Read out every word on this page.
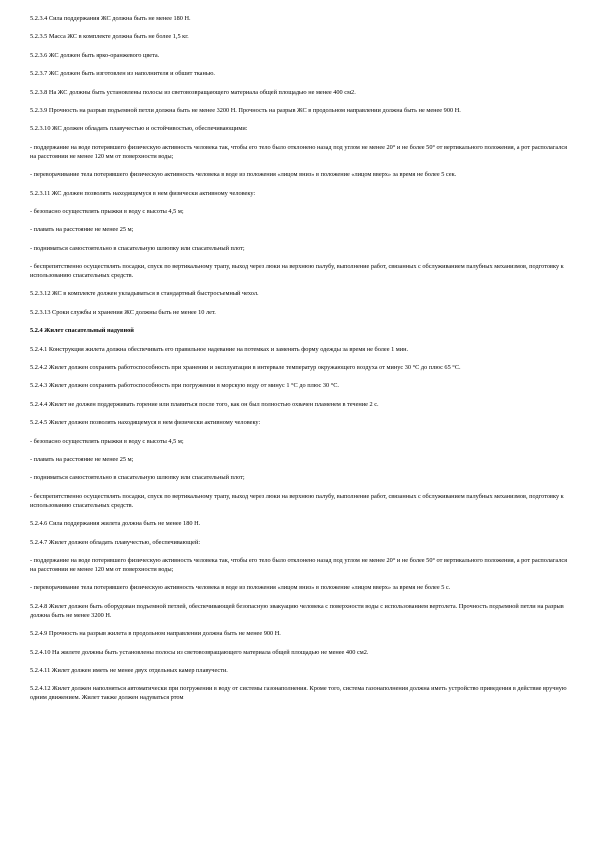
5.2.3.4 Сила поддержания ЖС должна быть не менее 180 Н.

5.2.3.5 Масса ЖС в комплекте должна быть не более 1,5 кг.

5.2.3.6 ЖС должен быть ярко-оранжевого цвета.

5.2.3.7 ЖС должен быть изготовлен из наполнителя и обшит тканью.

5.2.3.8 На ЖС должны быть установлены полосы из световозвращающего материала общей площадью не менее 400 см2.

5.2.3.9 Прочность на разрыв подъемной петли должна быть не менее 3200 Н. Прочность на разрыв ЖС в продольном направлении должна быть не менее 900 Н.

5.2.3.10 ЖС должен обладать плавучестью и остойчивостью, обеспечивающими:

- поддержание на воде потерявшего физическую активность человека так, чтобы его тело было отклонено назад под углом не менее 20° и не более 50° от вертикального положения, а рот располагался на расстоянии не менее 120 мм от поверхности воды;

- переворачивание тела потерявшего физическую активность человека в воде из положения «лицом вниз» в положение «лицом вверх» за время не более 5 сек.

5.2.3.11 ЖС должен позволять находящемуся в нем физически активному человеку:

- безопасно осуществлять прыжки в воду с высоты 4,5 м;

- плавать на расстояние не менее 25 м;

- подниматься самостоятельно в спасательную шлюпку или спасательный плот;

- беспрепятственно осуществлять посадки, спуск по вертикальному трапу, выход через люки на верхнюю палубу, выполнение работ, связанных с обслуживанием палубных механизмов, подготовку к использованию спасательных средств.

5.2.3.12 ЖС в комплекте должен укладываться в стандартный быстросъемный чехол.

5.2.3.13 Сроки службы и хранения ЖС должны быть не менее 10 лет.

5.2.4 Жилет спасательный надувной

5.2.4.1 Конструкция жилета должна обеспечивать его правильное надевание на потемках и заменять форму одежды за время не более 1 мин.

5.2.4.2 Жилет должен сохранять работоспособность при хранении и эксплуатации в интервале температур окружающего воздуха от минус 30 °С до плюс 65 °С.

5.2.4.3 Жилет должен сохранять работоспособность при погружении в морскую воду от минус 1 °С до плюс 30 °С.

5.2.4.4 Жилет не должен поддерживать горение или плавиться после того, как он был полностью охвачен пламенем в течение 2 с.

5.2.4.5 Жилет должен позволять находящемуся в нем физически активному человеку:

- безопасно осуществлять прыжки в воду с высоты 4,5 м;

- плавать на расстояние не менее 25 м;

- подниматься самостоятельно в спасательную шлюпку или спасательный плот;

- беспрепятственно осуществлять посадки, спуск по вертикальному трапу, выход через люки на верхнюю палубу, выполнение работ, связанных с обслуживанием палубных механизмов, подготовку к использованию спасательных средств.

5.2.4.6 Сила поддержания жилета должна быть не менее 180 Н.

5.2.4.7 Жилет должен обладать плавучестью, обеспечивающей:

- поддержание на воде потерявшего физическую активность человека так, чтобы его тело было отклонено назад под углом не менее 20° и не более 50° от вертикального положения, а рот располагался на расстоянии не менее 120 мм от поверхности воды;

- переворачивание тела потерявшего физическую активность человека в воде из положения «лицом вниз» в положение «лицом вверх» за время не более 5 с.

5.2.4.8 Жилет должен быть оборудован подъемной петлей, обеспечивающей безопасную эвакуацию человека с поверхности воды с использованием вертолета. Прочность подъемной петли на разрыв должна быть не менее 3200 Н.

5.2.4.9 Прочность на разрыв жилета в продольном направлении должна быть не менее 900 Н.

5.2.4.10 На жилете должны быть установлены полосы из световозвращающего материала общей площадью не менее 400 см2.

5.2.4.11 Жилет должен иметь не менее двух отдельных камер плавучести.

5.2.4.12 Жилет должен наполняться автоматически при погружении в воду от системы газонаполнения. Кроме того, система газонаполнения должна иметь устройство приведения в действие вручную одним движением. Жилет также должен надуваться ртом
